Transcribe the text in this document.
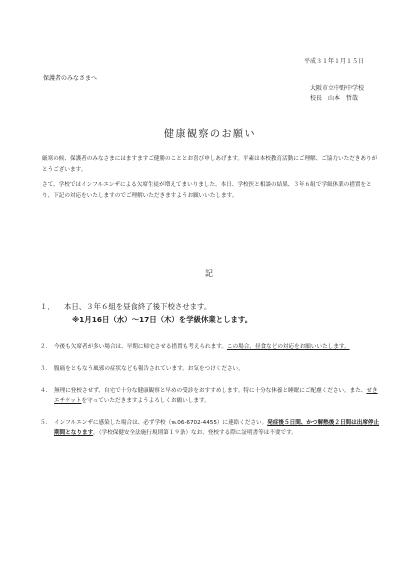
平成３１年１月１５日
保護者のみなさまへ
大阪市立中野中学校
校長　山本　哲哉
健康観察のお願い

厳寒の候、保護者のみなさまにはますますご健勝のこととお喜び申しあげます。平素は本校教育活動にご理解、ご協力いただきありがとうございます。

さて、学校ではインフルエンザによる欠席生徒が増えてまいりました。本日、学校医と相談の結果、３年６組で学級休業の措置をとり、下記の対応をいたしますのでご理解いただきますようお願いいたします。

記
１．	本日、３年６組を昼食終了後下校させます。
※1月16日（水）～17日（木）を学級休業とします。
２． 今後も欠席者が多い場合は、早期に帰宅させる措置も考えられます。この場合、昼食などの対応をお願いいたします。
３． 腹痛をともなう風邪の症状なども報告されています。お気をつけください。
４． 無理に登校させず、自宅で十分な健康観察と早めの受診をおすすめします。特に十分な休養と睡眠にご配慮ください。また、せきエチケットを守っていただきますようよろしくお願いします。
５． インフルエンザに感染した場合は、必ず学校（℡06-6702-4455）に連絡ください。発症後５日間、かつ解熱後２日間は出席停止期間となります。（学校保健安全法施行規則第１９条）なお、登校する際に証明書等は不要です。
